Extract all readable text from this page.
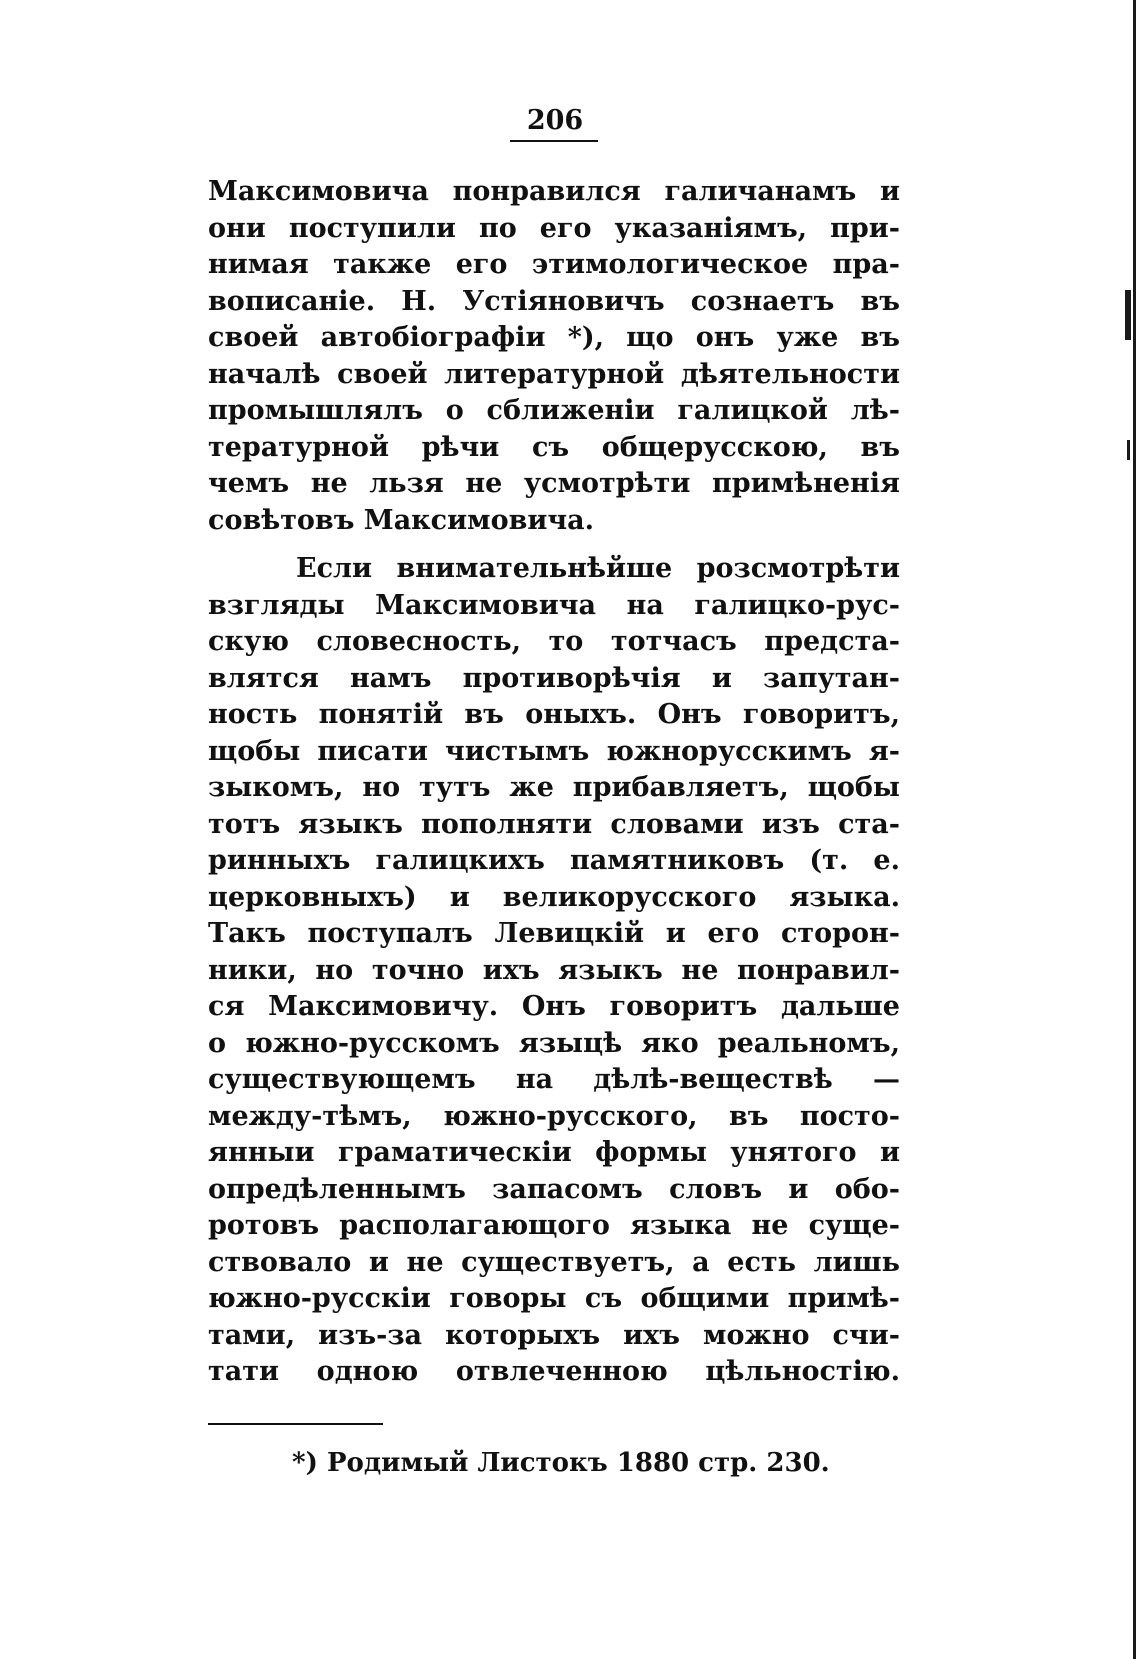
206
Максимовича понравился галичанамъ и
они поступили по его указаніямъ, при-
нимая также его этимологическое пра-
вописаніе. Н. Устіяновичъ сознаетъ въ
своей автобіографіи *), що онъ уже въ
началѣ своей литературной дѣятельности
промышлялъ о сближеніи галицкой лѣ-
тературной рѣчи съ общерусскою, въ
чемъ не льзя не усмотрѣти примѣненія
совѣтовъ Максимовича.
Если внимательнѣйше розсмотрѣти
взгляды Максимовича на галицко-рус-
скую словесность, то тотчасъ предста-
влятся намъ противорѣчія и запутан-
ность понятій въ оныхъ. Онъ говоритъ,
щобы писати чистымъ южнорусскимъ я-
зыкомъ, но тутъ же прибавляетъ, щобы
тотъ языкъ пополняти словами изъ ста-
ринныхъ галицкихъ памятниковъ (т. е.
церковныхъ) и великорусского языка.
Такъ поступалъ Левицкій и его сторон-
ники, но точно ихъ языкъ не понравил-
ся Максимовичу. Онъ говоритъ дальше
о южно-русскомъ языцѣ яко реальномъ,
существующемъ на дѣлѣ-веществѣ —
между-тѣмъ, южно-русского, въ посто-
янныи граматическіи формы унятого и
опредѣленнымъ запасомъ словъ и обо-
ротовъ располагающого языка не суще-
ствовало и не существуетъ, а есть лишь
южно-русскіи говоры съ общими примѣ-
тами, изъ-за которыхъ ихъ можно счи-
тати одною отвлеченною цѣльностію.
*) Родимый Листокъ 1880 стр. 230.
